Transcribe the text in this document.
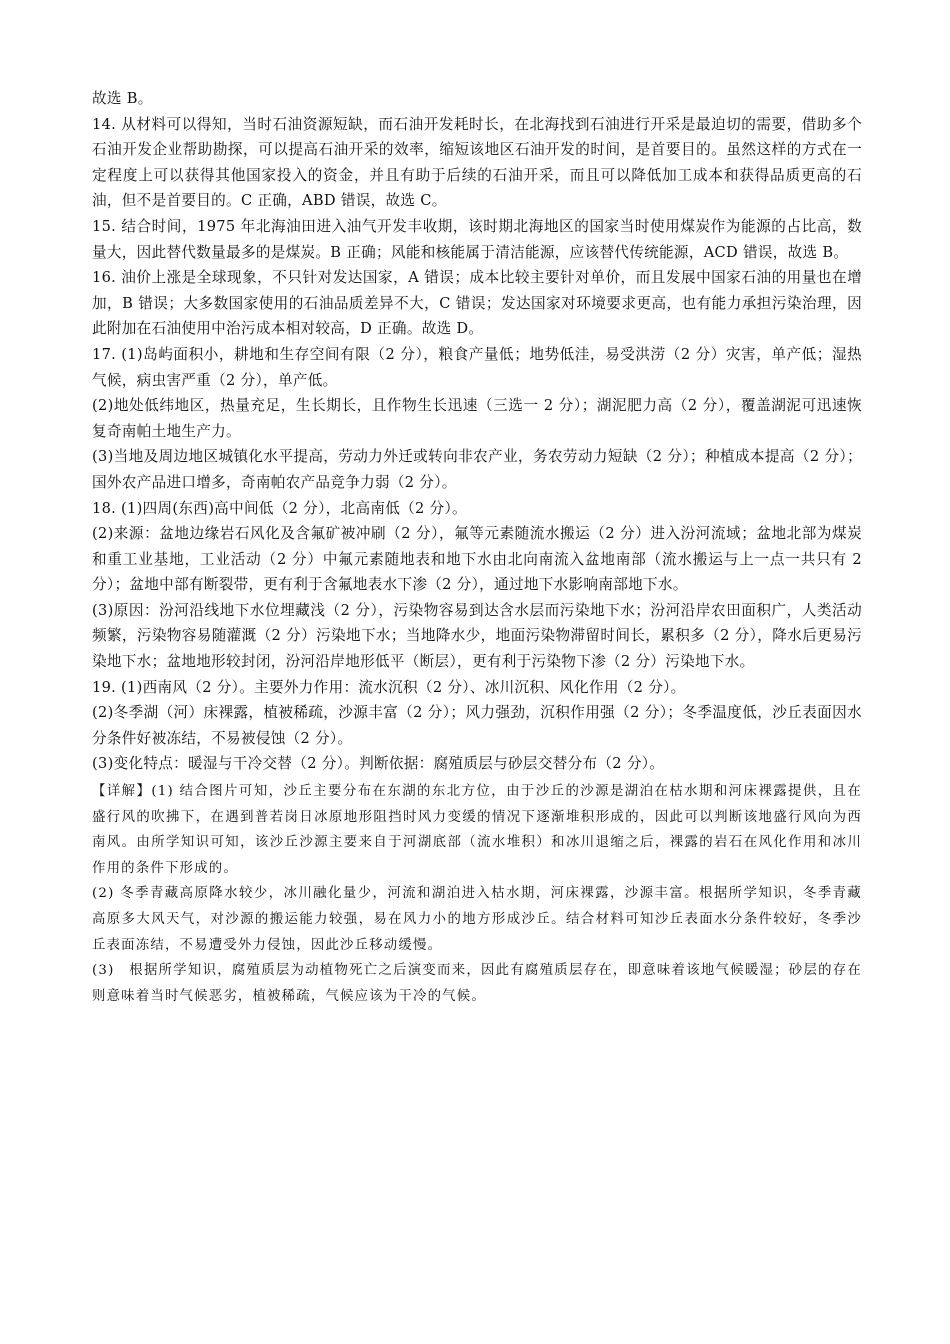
故选 B。

14. 从材料可以得知，当时石油资源短缺，而石油开发耗时长，在北海找到石油进行开采是最迫切的需要，借助多个石油开发企业帮助勘探，可以提高石油开采的效率，缩短该地区石油开发的时间，是首要目的。虽然这样的方式在一定程度上可以获得其他国家投入的资金，并且有助于后续的石油开采，而且可以降低加工成本和获得品质更高的石油，但不是首要目的。C 正确，ABD 错误，故选 C。

15. 结合时间，1975 年北海油田进入油气开发丰收期，该时期北海地区的国家当时使用煤炭作为能源的占比高，数量大，因此替代数量最多的是煤炭。B 正确；风能和核能属于清洁能源，应该替代传统能源，ACD 错误，故选 B。

16. 油价上涨是全球现象，不只针对发达国家，A 错误；成本比较主要针对单价，而且发展中国家石油的用量也在增加，B 错误；大多数国家使用的石油品质差异不大，C 错误；发达国家对环境要求更高，也有能力承担污染治理，因此附加在石油使用中治污成本相对较高，D 正确。故选 D。

17. (1)岛屿面积小，耕地和生存空间有限（2 分），粮食产量低；地势低洼，易受洪涝（2 分）灾害，单产低；湿热气候，病虫害严重（2 分），单产低。

(2)地处低纬地区，热量充足，生长期长，且作物生长迅速（三选一 2 分）；湖泥肥力高（2 分），覆盖湖泥可迅速恢复奇南帕土地生产力。

(3)当地及周边地区城镇化水平提高，劳动力外迁或转向非农产业，务农劳动力短缺（2 分）；种植成本提高（2 分）；国外农产品进口增多，奇南帕农产品竞争力弱（2 分）。

18. (1)四周(东西)高中间低（2 分），北高南低（2 分）。

(2)来源：盆地边缘岩石风化及含氟矿被冲刷（2 分），氟等元素随流水搬运（2 分）进入汾河流域；盆地北部为煤炭和重工业基地，工业活动（2 分）中氟元素随地表和地下水由北向南流入盆地南部（流水搬运与上一点一共只有 2 分）；盆地中部有断裂带，更有利于含氟地表水下渗（2 分），通过地下水影响南部地下水。

(3)原因：汾河沿线地下水位埋藏浅（2 分），污染物容易到达含水层而污染地下水；汾河沿岸农田面积广，人类活动频繁，污染物容易随灌溉（2 分）污染地下水；当地降水少，地面污染物滞留时间长，累积多（2 分），降水后更易污染地下水；盆地地形较封闭，汾河沿岸地形低平（断层），更有利于污染物下渗（2 分）污染地下水。

19. (1)西南风（2 分）。主要外力作用：流水沉积（2 分）、冰川沉积、风化作用（2 分）。

(2)冬季湖（河）床裸露，植被稀疏，沙源丰富（2 分）；风力强劲，沉积作用强（2 分）；冬季温度低，沙丘表面因水分条件好被冻结，不易被侵蚀（2 分）。

(3)变化特点：暖湿与干冷交替（2 分）。判断依据：腐殖质层与砂层交替分布（2 分）。

【详解】(1) 结合图片可知，沙丘主要分布在东湖的东北方位，由于沙丘的沙源是湖泊在枯水期和河床裸露提供，且在盛行风的吹拂下，在遇到普若岗日冰原地形阻挡时风力变缓的情况下逐渐堆积形成的，因此可以判断该地盛行风向为西南风。由所学知识可知，该沙丘沙源主要来自于河湖底部（流水堆积）和冰川退缩之后，裸露的岩石在风化作用和冰川作用的条件下形成的。

(2) 冬季青藏高原降水较少，冰川融化量少，河流和湖泊进入枯水期，河床裸露，沙源丰富。根据所学知识，冬季青藏高原多大风天气，对沙源的搬运能力较强，易在风力小的地方形成沙丘。结合材料可知沙丘表面水分条件较好，冬季沙丘表面冻结，不易遭受外力侵蚀，因此沙丘移动缓慢。

(3)　根据所学知识，腐殖质层为动植物死亡之后演变而来，因此有腐殖质层存在，即意味着该地气候暖湿；砂层的存在则意味着当时气候恶劣，植被稀疏，气候应该为干冷的气候。
